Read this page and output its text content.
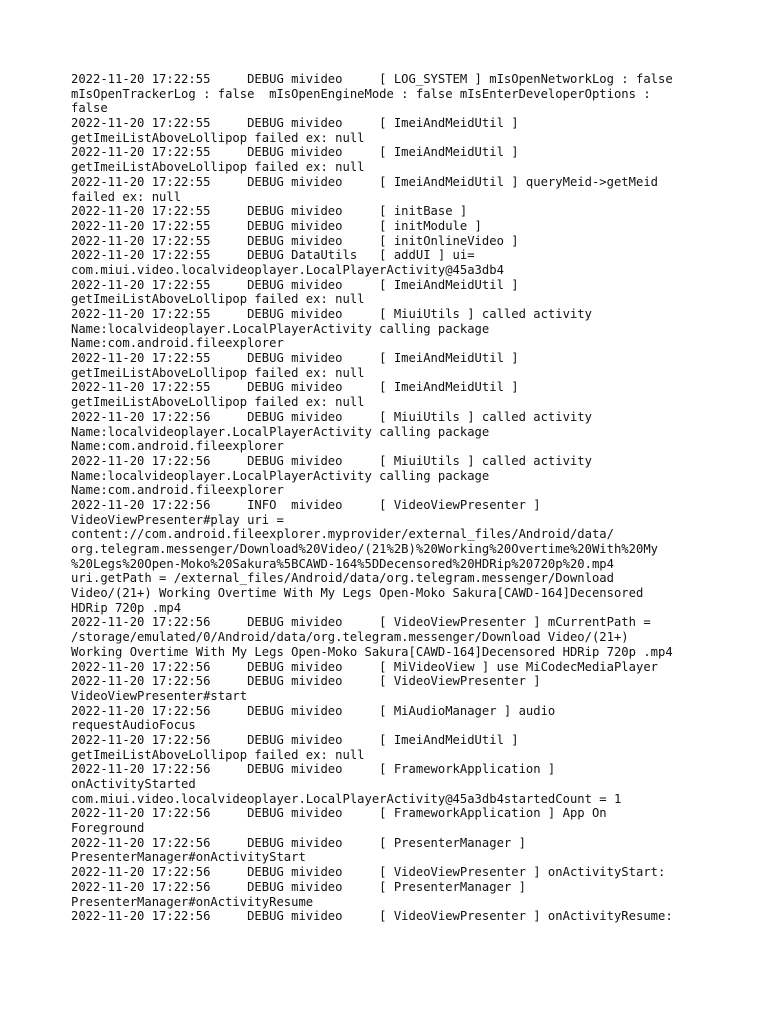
2022-11-20 17:22:55     DEBUG mivideo     [ LOG_SYSTEM ] mIsOpenNetworkLog : false
mIsOpenTrackerLog : false  mIsOpenEngineMode : false mIsEnterDeveloperOptions :
false
2022-11-20 17:22:55     DEBUG mivideo     [ ImeiAndMeidUtil ]
getImeiListAboveLollipop failed ex: null
2022-11-20 17:22:55     DEBUG mivideo     [ ImeiAndMeidUtil ]
getImeiListAboveLollipop failed ex: null
2022-11-20 17:22:55     DEBUG mivideo     [ ImeiAndMeidUtil ] queryMeid->getMeid
failed ex: null
2022-11-20 17:22:55     DEBUG mivideo     [ initBase ]
2022-11-20 17:22:55     DEBUG mivideo     [ initModule ]
2022-11-20 17:22:55     DEBUG mivideo     [ initOnlineVideo ]
2022-11-20 17:22:55     DEBUG DataUtils   [ addUI ] ui=
com.miui.video.localvideoplayer.LocalPlayerActivity@45a3db4
2022-11-20 17:22:55     DEBUG mivideo     [ ImeiAndMeidUtil ]
getImeiListAboveLollipop failed ex: null
2022-11-20 17:22:55     DEBUG mivideo     [ MiuiUtils ] called activity
Name:localvideoplayer.LocalPlayerActivity calling package
Name:com.android.fileexplorer
2022-11-20 17:22:55     DEBUG mivideo     [ ImeiAndMeidUtil ]
getImeiListAboveLollipop failed ex: null
2022-11-20 17:22:55     DEBUG mivideo     [ ImeiAndMeidUtil ]
getImeiListAboveLollipop failed ex: null
2022-11-20 17:22:56     DEBUG mivideo     [ MiuiUtils ] called activity
Name:localvideoplayer.LocalPlayerActivity calling package
Name:com.android.fileexplorer
2022-11-20 17:22:56     DEBUG mivideo     [ MiuiUtils ] called activity
Name:localvideoplayer.LocalPlayerActivity calling package
Name:com.android.fileexplorer
2022-11-20 17:22:56     INFO  mivideo     [ VideoViewPresenter ]
VideoViewPresenter#play uri =
content://com.android.fileexplorer.myprovider/external_files/Android/data/
org.telegram.messenger/Download%20Video/(21%2B)%20Working%20Overtime%20With%20My
%20Legs%20Open-Moko%20Sakura%5BCAWD-164%5DDecensored%20HDRip%20720p%20.mp4
uri.getPath = /external_files/Android/data/org.telegram.messenger/Download
Video/(21+) Working Overtime With My Legs Open-Moko Sakura[CAWD-164]Decensored
HDRip 720p .mp4
2022-11-20 17:22:56     DEBUG mivideo     [ VideoViewPresenter ] mCurrentPath =
/storage/emulated/0/Android/data/org.telegram.messenger/Download Video/(21+)
Working Overtime With My Legs Open-Moko Sakura[CAWD-164]Decensored HDRip 720p .mp4
2022-11-20 17:22:56     DEBUG mivideo     [ MiVideoView ] use MiCodecMediaPlayer
2022-11-20 17:22:56     DEBUG mivideo     [ VideoViewPresenter ]
VideoViewPresenter#start
2022-11-20 17:22:56     DEBUG mivideo     [ MiAudioManager ] audio
requestAudioFocus
2022-11-20 17:22:56     DEBUG mivideo     [ ImeiAndMeidUtil ]
getImeiListAboveLollipop failed ex: null
2022-11-20 17:22:56     DEBUG mivideo     [ FrameworkApplication ]
onActivityStarted
com.miui.video.localvideoplayer.LocalPlayerActivity@45a3db4startedCount = 1
2022-11-20 17:22:56     DEBUG mivideo     [ FrameworkApplication ] App On
Foreground
2022-11-20 17:22:56     DEBUG mivideo     [ PresenterManager ]
PresenterManager#onActivityStart
2022-11-20 17:22:56     DEBUG mivideo     [ VideoViewPresenter ] onActivityStart:
2022-11-20 17:22:56     DEBUG mivideo     [ PresenterManager ]
PresenterManager#onActivityResume
2022-11-20 17:22:56     DEBUG mivideo     [ VideoViewPresenter ] onActivityResume:
